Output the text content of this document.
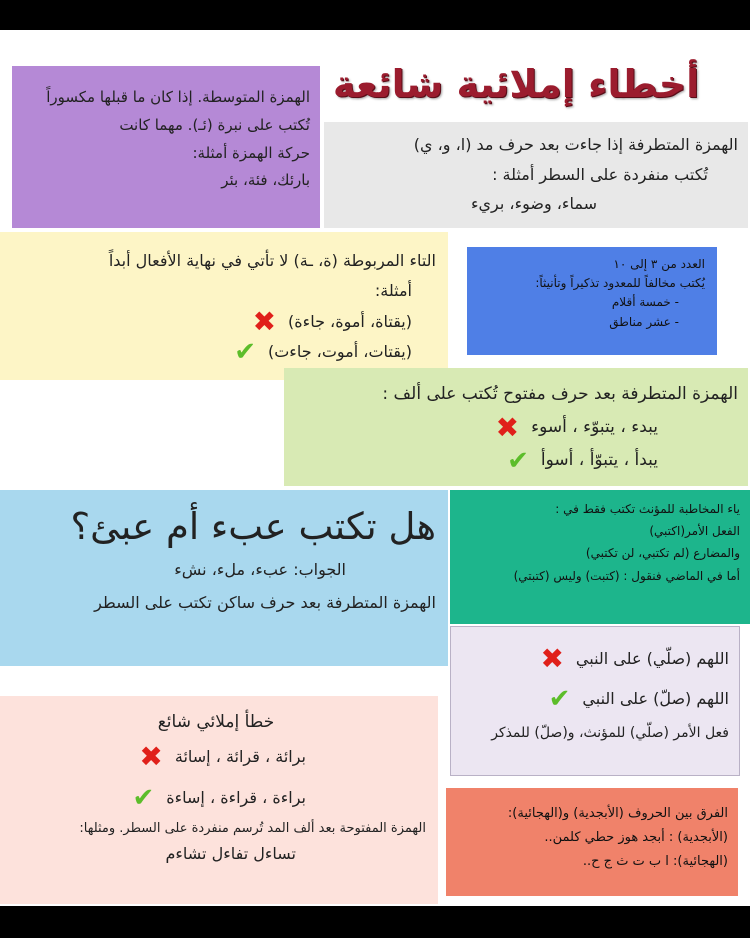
أخطاء إملائية شائعة

الهمزة المتوسطة. إذا كان ما قبلها مكسوراً

تُكتب على نبرة (ئـ). مهما كانت

حركة الهمزة أمثلة:

بارئك، فئة، بئر

الهمزة المتطرفة إذا جاءت بعد حرف مد (ا، و، ي)

تُكتب منفردة على السطر أمثلة :

سماء، وضوء، بريء

التاء المربوطة (ة، ـة) لا تأتي في نهاية الأفعال أبداً

أمثلة:

(يقتاة، أموة، جاءة)
✖
(يقتات، أموت، جاءت)
✔

العدد من ٣ إلى ١٠

يُكتب مخالفاً للمعدود تذكيراً وتأنيثاً:

- خمسة أقلام

- عشر مناطق

الهمزة المتطرفة بعد حرف مفتوح تُكتب على ألف :

يبدء ، يتبوّء ، أسوء
✖
يبدأ ، يتبوّأ ، أسوأ
✔

هل تكتب عبء أم عبئ؟

الجواب: عبء، ملء، نشء

الهمزة المتطرفة بعد حرف ساكن تكتب على السطر

ياء المخاطبة للمؤنث تكتب فقط في :

الفعل الأمر(اكتبي)

والمضارع (لم تكتبي، لن تكتبي)

أما في الماضي فنقول : (كتبت) وليس (كتبتي)

اللهم (صلّي) على النبي
✖
اللهم (صلّ) على النبي
✔

فعل الأمر (صلّي) للمؤنث، و(صلّ) للمذكر

خطأ إملائي شائع

برائة ، قرائة ، إسائة
✖
براءة ، قراءة ، إساءة
✔

الهمزة المفتوحة بعد ألف المد تُرسم منفردة على السطر. ومثلها:

تساءل تفاءل تشاءم

الفرق بين الحروف (الأبجدية) و(الهجائية):

(الأبجدية) : أبجد هوز حطي كلمن..

(الهجائية): ا ب ت ث ج ح..
